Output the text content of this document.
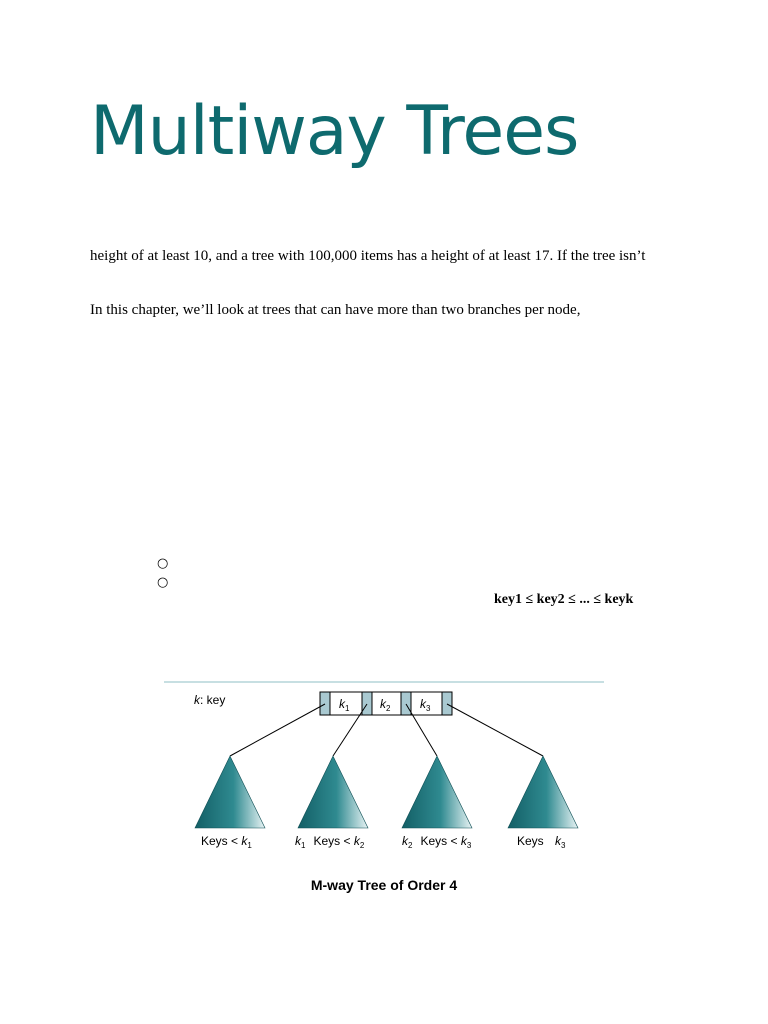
Multiway Trees
height of at least 10, and a tree with 100,000 items has a height of at least 17. If the tree isn’t
In this chapter, we’ll look at trees that can have more than two branches per node,
○
○
key1 ≤ key2 ≤ ... ≤ keyk
k: key	$k_1$	$k_2$ $k_3$
Keys < $k_1$	$k_1$ Keys < $k_2$	$k_2$ Keys < $k_3$	Keys $k_3$
M-way Tree of Order 4
